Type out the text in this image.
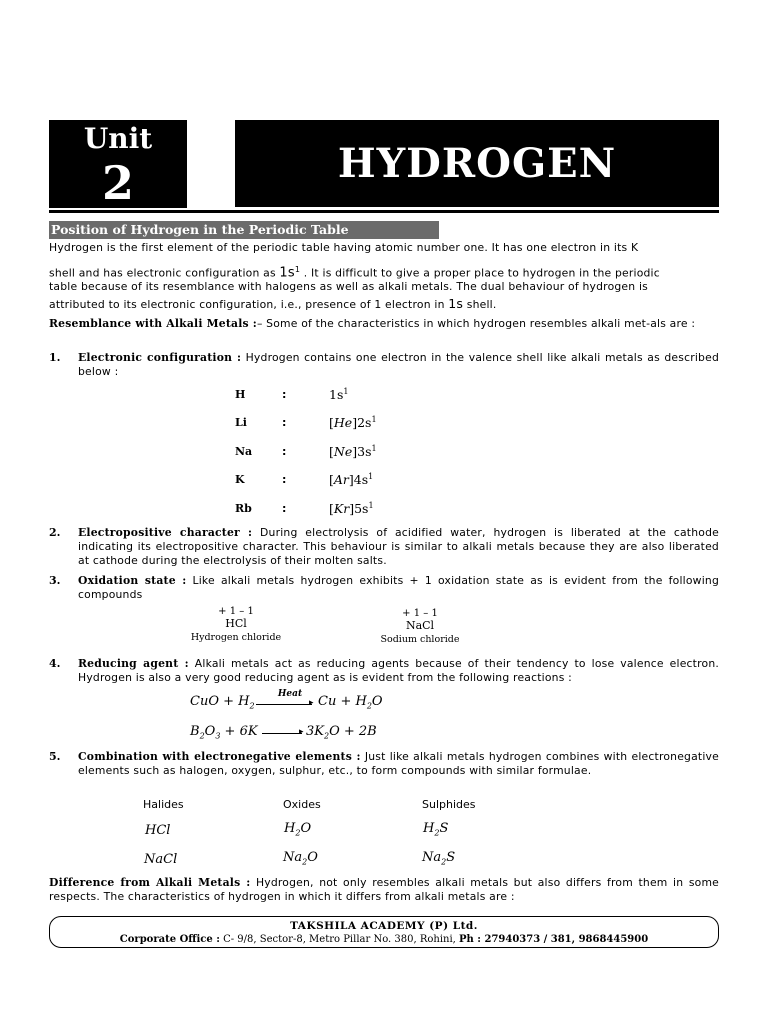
Unit
2	HYDROGEN
Position of Hydrogen in the Periodic Table
Hydrogen is the first element of the periodic table having atomic number one. It has one electron in its K
shell and has electronic configuration as $1s^1$ . It is difficult to give a proper place to hydrogen in the periodic
table because of its resemblance with halogens as well as alkali metals. The dual behaviour of hydrogen is
attributed to its electronic configuration, i.e., presence of 1 electron in 1s shell.
Resemblance with Alkali Metals :– Some of the characteristics in which hydrogen resembles alkali met-als are :
1. Electronic configuration : Hydrogen contains one electron in the valence shell like alkali metals as described below :
H	:	$1s^1$
Li	:	$[He]2s^1$
Na	:	$[Ne]3s^1$
K	:	$[Ar]4s^1$
Rb	:	$[Kr]5s^1$
2. Electropositive character : During electrolysis of acidified water, hydrogen is liberated at the cathode indicating its electropositive character. This behaviour is similar to alkali metals because they are also liberated at cathode during the electrolysis of their molten salts.
3. Oxidation state : Like alkali metals hydrogen exhibits + 1 oxidation state as is evident from the following compounds
+ 1 – 1
HCl
Hydrogen chloride
+ 1 – 1
NaCl
Sodium chloride
4. Reducing agent : Alkali metals act as reducing agents because of their tendency to lose valence electron. Hydrogen is also a very good reducing agent as is evident from the following reactions :
CuO + $H_2$
Heat
▸ $Cu + H_2O$
$B_2O_3 + 6K$	▸ $3K_2O + 2B$
5. Combination with electronegative elements : Just like alkali metals hydrogen combines with electronegative elements such as halogen, oxygen, sulphur, etc., to form compounds with similar formulae.
Halides	Oxides	Sulphides
HCl	$H_2O$	$H_2S$
NaCl	$Na_2O$	$Na_2S$
Difference from Alkali Metals : Hydrogen, not only resembles alkali metals but also differs from them in some respects. The characteristics of hydrogen in which it differs from alkali metals are :
TAKSHILA ACADEMY (P) Ltd.
Corporate Office : C- 9/8, Sector-8, Metro Pillar No. 380, Rohini, Ph : 27940373 / 381, 9868445900
